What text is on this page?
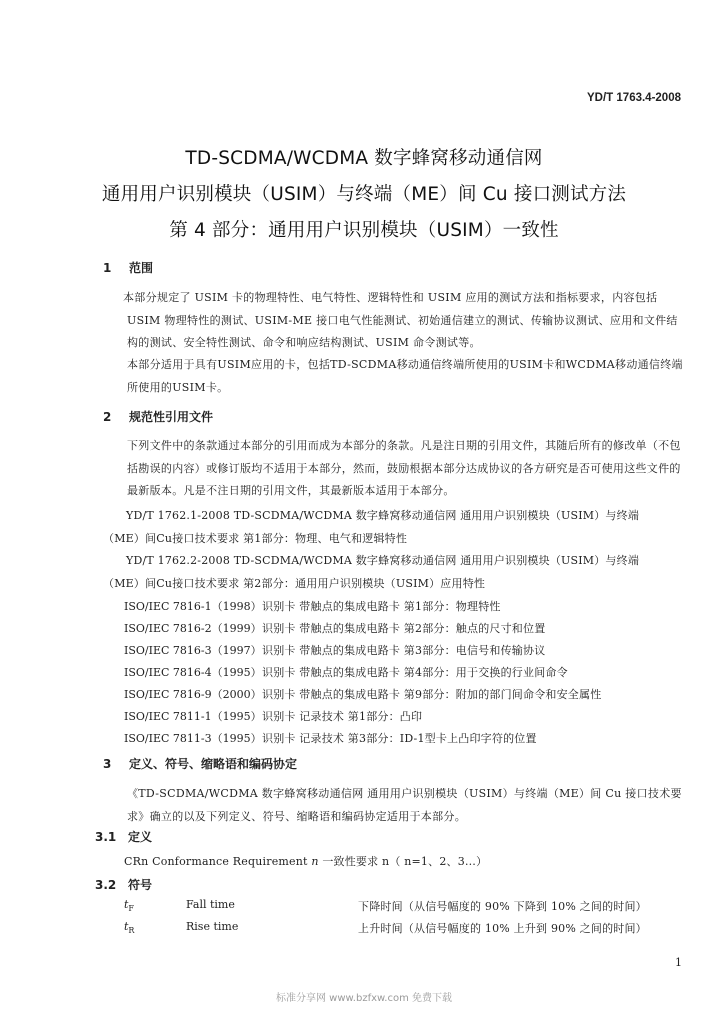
YD/T 1763.4-2008
TD-SCDMA/WCDMA 数字蜂窝移动通信网
通用用户识别模块（USIM）与终端（ME）间 Cu 接口测试方法
第 4 部分：通用用户识别模块（USIM）一致性
1 范围
本部分规定了 USIM 卡的物理特性、电气特性、逻辑特性和 USIM 应用的测试方法和指标要求，内容包括 USIM 物理特性的测试、USIM-ME 接口电气性能测试、初始通信建立的测试、传输协议测试、应用和文件结构的测试、安全特性测试、命令和响应结构测试、USIM 命令测试等。
本部分适用于具有USIM应用的卡，包括TD-SCDMA移动通信终端所使用的USIM卡和WCDMA移动通信终端所使用的USIM卡。
2 规范性引用文件
下列文件中的条款通过本部分的引用而成为本部分的条款。凡是注日期的引用文件，其随后所有的修改单（不包括勘误的内容）或修订版均不适用于本部分，然而，鼓励根据本部分达成协议的各方研究是否可使用这些文件的最新版本。凡是不注日期的引用文件，其最新版本适用于本部分。
YD/T 1762.1-2008 TD-SCDMA/WCDMA 数字蜂窝移动通信网 通用用户识别模块（USIM）与终端
（ME）间Cu接口技术要求 第1部分：物理、电气和逻辑特性
YD/T 1762.2-2008 TD-SCDMA/WCDMA 数字蜂窝移动通信网 通用用户识别模块（USIM）与终端
（ME）间Cu接口技术要求 第2部分：通用用户识别模块（USIM）应用特性
ISO/IEC 7816-1（1998） 识别卡 带触点的集成电路卡 第1部分：物理特性
ISO/IEC 7816-2（1999） 识别卡 带触点的集成电路卡 第2部分：触点的尺寸和位置
ISO/IEC 7816-3（1997） 识别卡 带触点的集成电路卡 第3部分：电信号和传输协议
ISO/IEC 7816-4（1995） 识别卡 带触点的集成电路卡 第4部分：用于交换的行业间命令
ISO/IEC 7816-9（2000） 识别卡 带触点的集成电路卡 第9部分：附加的部门间命令和安全属性
ISO/IEC 7811-1（1995） 识别卡 记录技术 第1部分：凸印
ISO/IEC 7811-3（1995） 识别卡 记录技术 第3部分：ID-1型卡上凸印字符的位置
3 定义、符号、缩略语和编码协定
《TD-SCDMA/WCDMA 数字蜂窝移动通信网 通用用户识别模块（USIM）与终端（ME）间 Cu 接口技术要求》确立的以及下列定义、符号、缩略语和编码协定适用于本部分。
3.1 定义
CRn Conformance Requirement n 一致性要求 n（ n=1、2、3…）
3.2 符号
$t_F$	Fall time	下降时间（从信号幅度的 90% 下降到 10% 之间的时间）
$t_R$	Rise time	上升时间（从信号幅度的 10% 上升到 90% 之间的时间）
1
标准分享网 www.bzfxw.com 免费下载
